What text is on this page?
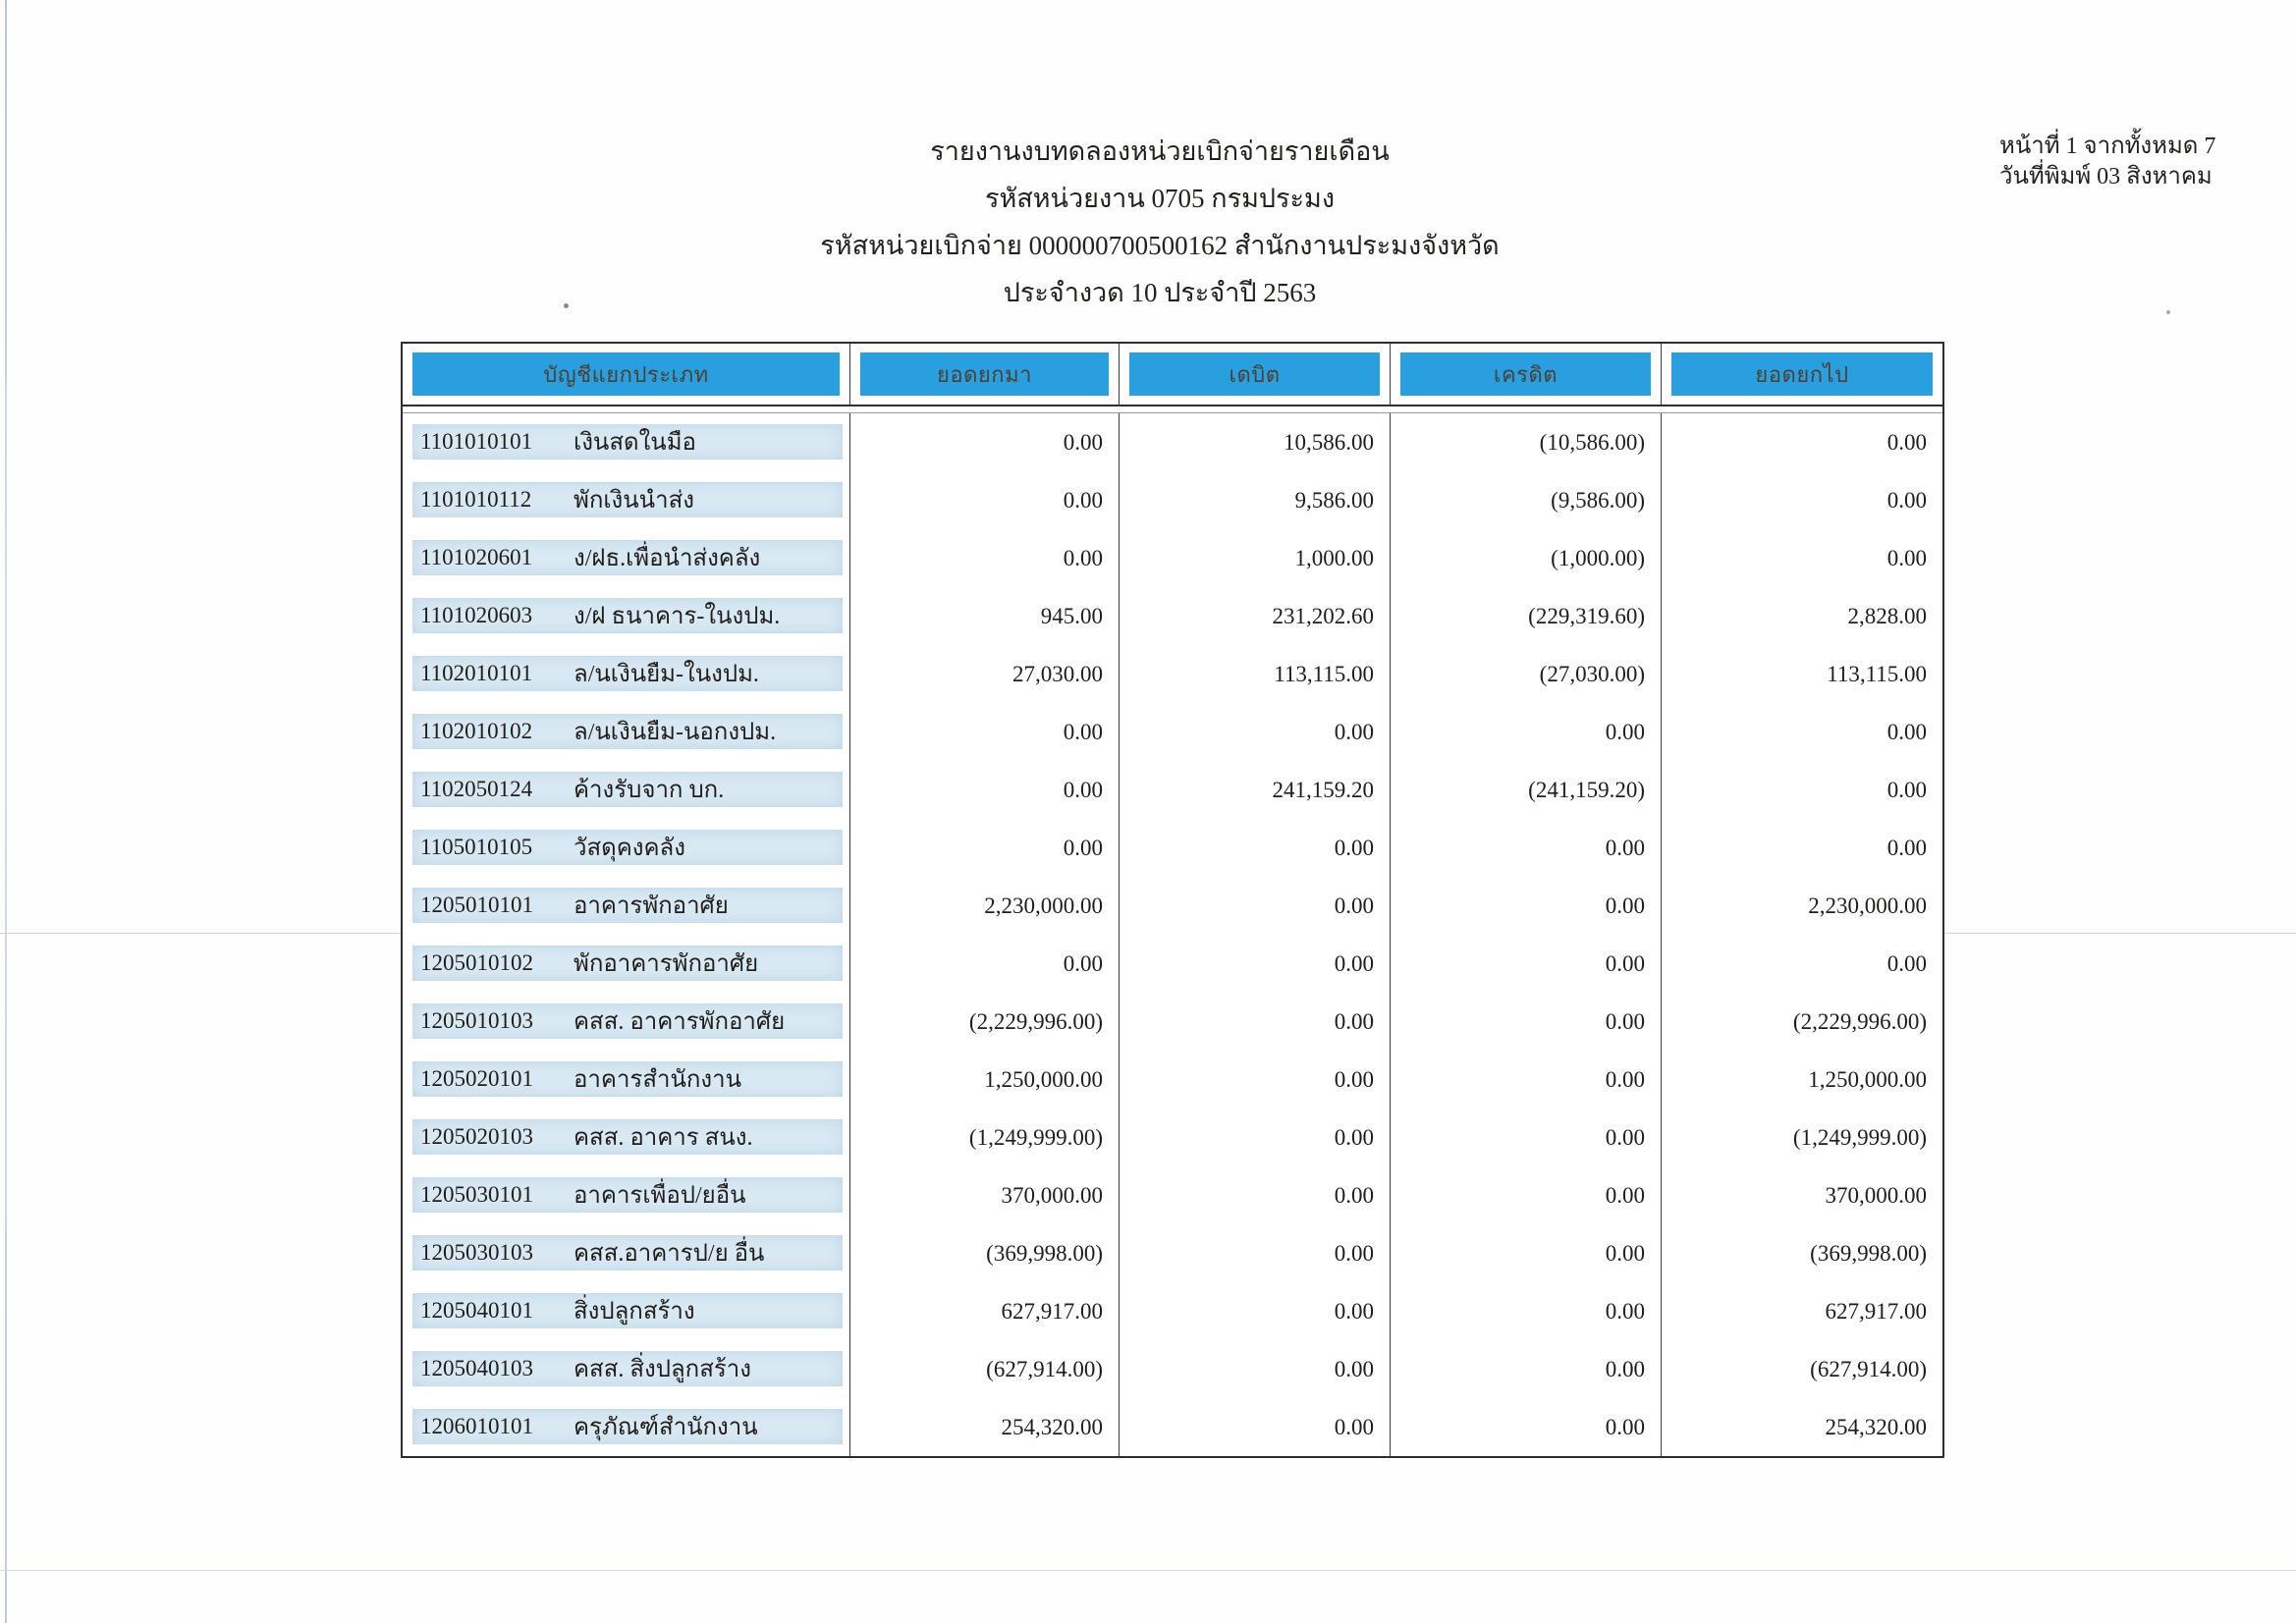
รายงานงบทดลองหน่วยเบิกจ่ายรายเดือน
รหัสหน่วยงาน 0705 กรมประมง
รหัสหน่วยเบิกจ่าย 000000700500162 สำนักงานประมงจังหวัด
ประจำงวด 10 ประจำปี 2563
หน้าที่ 1 จากทั้งหมด 7
วันที่พิมพ์ 03 สิงหาคม
บัญชีแยกประเภท	ยอดยกมา	เดบิต	เครดิต	ยอดยกไป
1101010101	เงินสดในมือ	0.00	10,586.00	(10,586.00)	0.00
1101010112	พักเงินนำส่ง	0.00	9,586.00	(9,586.00)	0.00
1101020601	ง/ฝธ.เพื่อนำส่งคลัง	0.00	1,000.00	(1,000.00)	0.00
1101020603	ง/ฝ ธนาคาร-ในงปม.	945.00	231,202.60	(229,319.60)	2,828.00
1102010101	ล/นเงินยืม-ในงปม.	27,030.00	113,115.00	(27,030.00)	113,115.00
1102010102	ล/นเงินยืม-นอกงปม.	0.00	0.00	0.00	0.00
1102050124	ค้างรับจาก บก.	0.00	241,159.20	(241,159.20)	0.00
1105010105	วัสดุคงคลัง	0.00	0.00	0.00	0.00
1205010101	อาคารพักอาศัย	2,230,000.00	0.00	0.00	2,230,000.00
1205010102	พักอาคารพักอาศัย	0.00	0.00	0.00	0.00
1205010103	คสส. อาคารพักอาศัย	(2,229,996.00)	0.00	0.00	(2,229,996.00)
1205020101	อาคารสำนักงาน	1,250,000.00	0.00	0.00	1,250,000.00
1205020103	คสส. อาคาร สนง.	(1,249,999.00)	0.00	0.00	(1,249,999.00)
1205030101	อาคารเพื่อป/ยอื่น	370,000.00	0.00	0.00	370,000.00
1205030103	คสส.อาคารป/ย อื่น	(369,998.00)	0.00	0.00	(369,998.00)
1205040101	สิ่งปลูกสร้าง	627,917.00	0.00	0.00	627,917.00
1205040103	คสส. สิ่งปลูกสร้าง	(627,914.00)	0.00	0.00	(627,914.00)
1206010101	ครุภัณฑ์สำนักงาน	254,320.00	0.00	0.00	254,320.00
